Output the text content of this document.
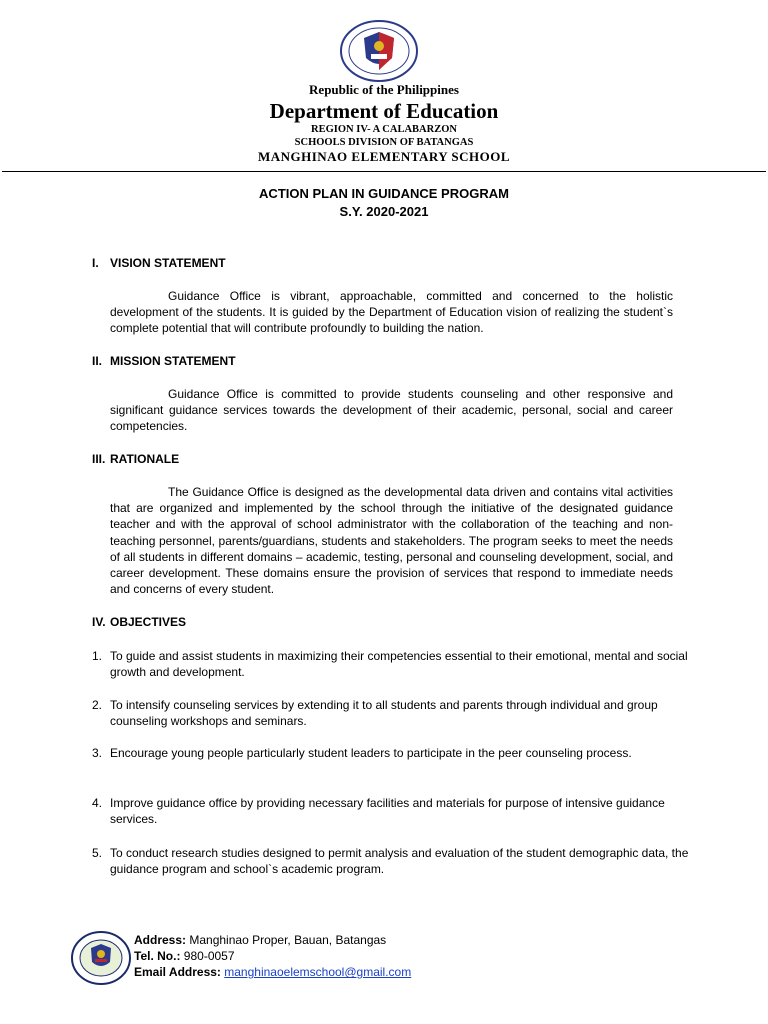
Republic of the Philippines
Department of Education
REGION IV- A CALABARZON
SCHOOLS DIVISION OF BATANGAS
MANGHINAO ELEMENTARY SCHOOL
ACTION PLAN IN GUIDANCE PROGRAM
S.Y. 2020-2021
I. VISION STATEMENT
Guidance Office is vibrant, approachable, committed and concerned to the holistic development of the students. It is guided by the Department of Education vision of realizing the student`s complete potential that will contribute profoundly to building the nation.
II. MISSION STATEMENT
Guidance Office is committed to provide students counseling and other responsive and significant guidance services towards the development of their academic, personal, social and career competencies.
III. RATIONALE
The Guidance Office is designed as the developmental data driven and contains vital activities that are organized and implemented by the school through the initiative of the designated guidance teacher and with the approval of school administrator with the collaboration of the teaching and non-teaching personnel, parents/guardians, students and stakeholders. The program seeks to meet the needs of all students in different domains – academic, testing, personal and counseling development, social, and career development. These domains ensure the provision of services that respond to immediate needs and concerns of every student.
IV. OBJECTIVES
1. To guide and assist students in maximizing their competencies essential to their emotional, mental and social growth and development.
2. To intensify counseling services by extending it to all students and parents through individual and group counseling workshops and seminars.
3. Encourage young people particularly student leaders to participate in the peer counseling process.
4. Improve guidance office by providing necessary facilities and materials for purpose of intensive guidance services.
5. To conduct research studies designed to permit analysis and evaluation of the student demographic data, the guidance program and school`s academic program.
Address: Manghinao Proper, Bauan, Batangas
Tel. No.: 980-0057
Email Address: manghinaoelemschool@gmail.com
